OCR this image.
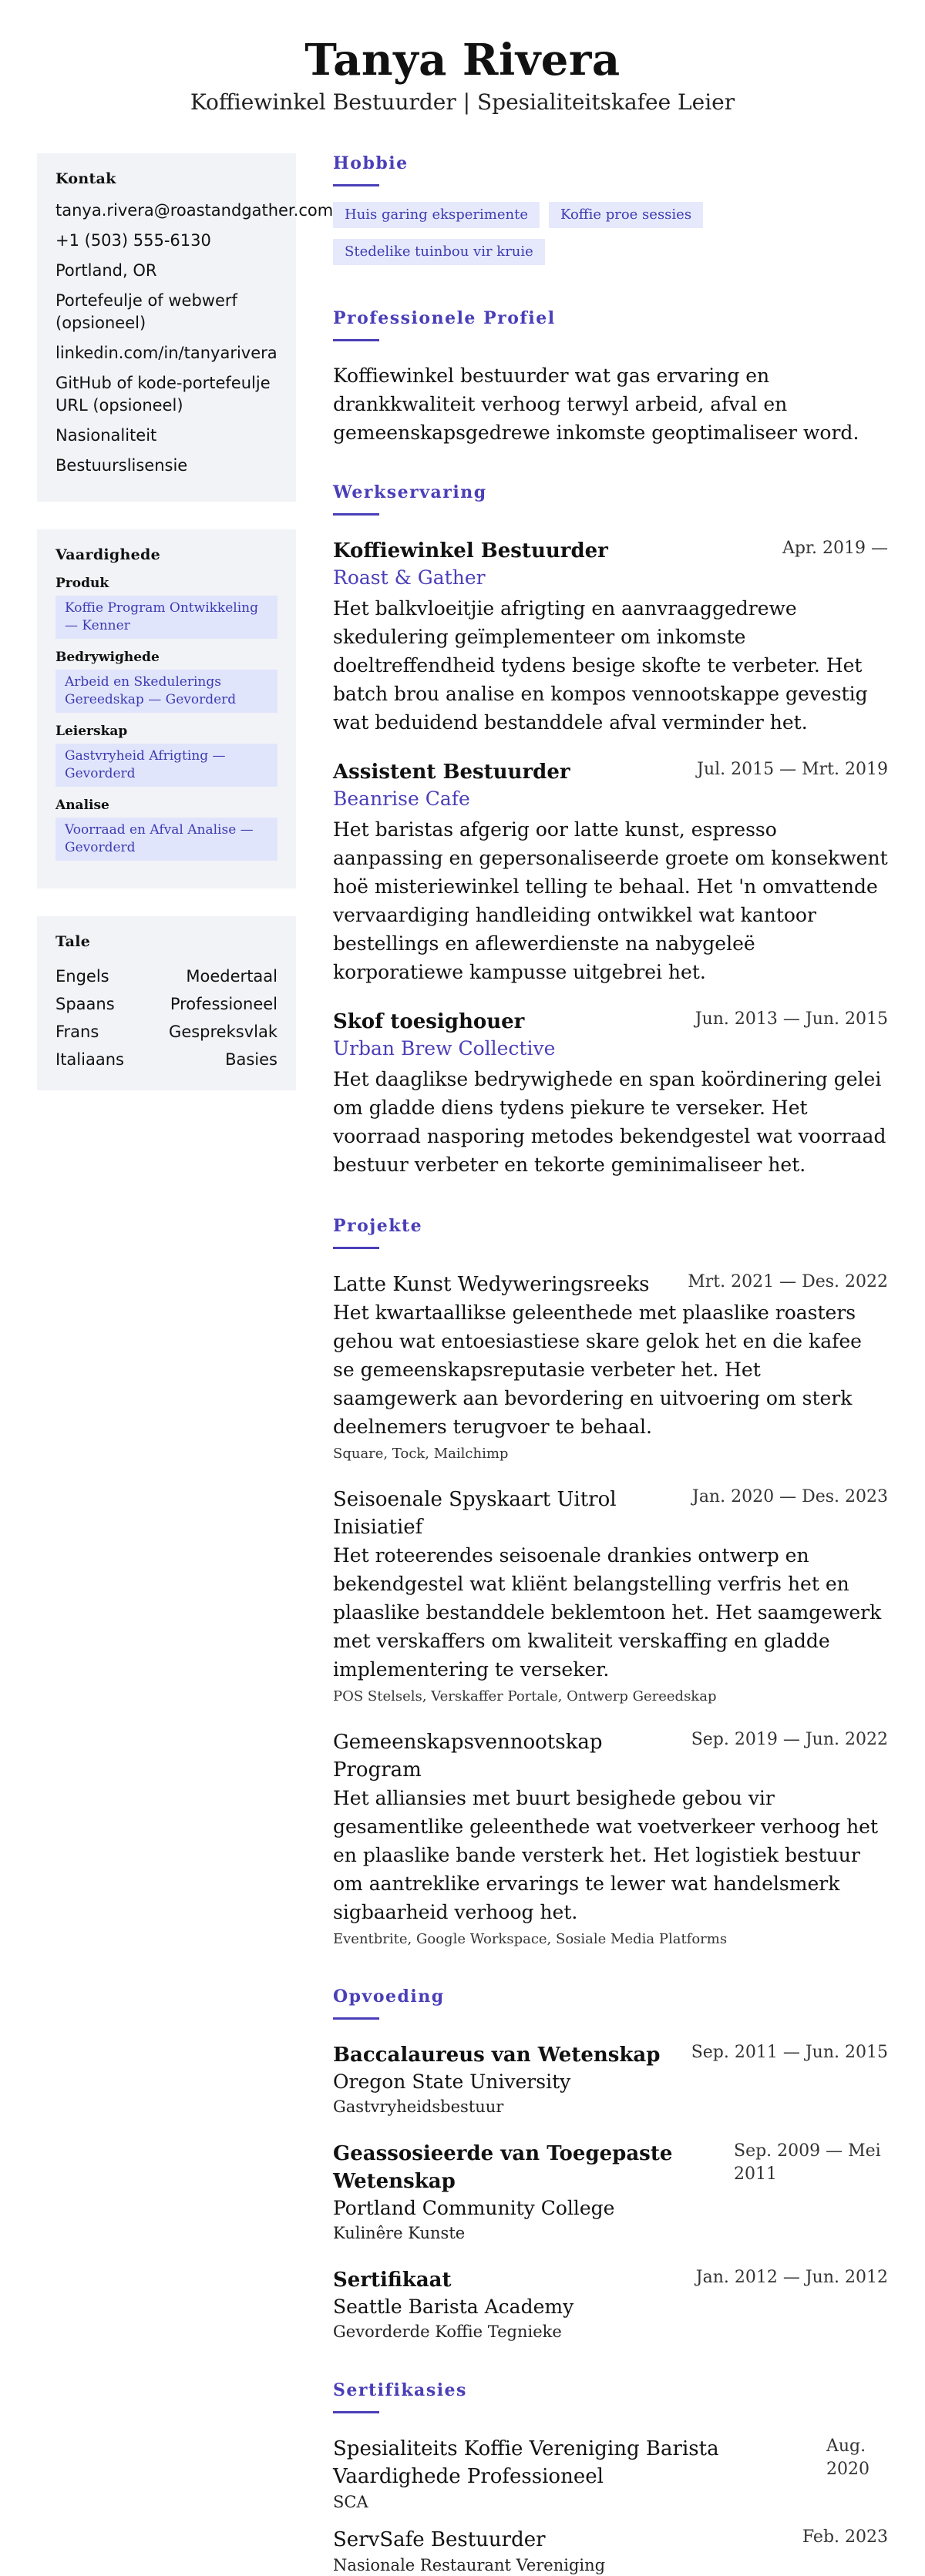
Tanya Rivera
Koffiewinkel Bestuurder | Spesialiteitskafee Leier
Kontak
tanya.rivera@roastandgather.com
+1 (503) 555-6130
Portland, OR
Portefeulje of webwerf (opsioneel)
linkedin.com/in/tanyarivera
GitHub of kode-portefeulje URL (opsioneel)
Nasionaliteit
Bestuurslisensie
Vaardighede
Produk
Koffie Program Ontwikkeling — Kenner
Bedrywighede
Arbeid en Skedulerings Gereedskap — Gevorderd
Leierskap
Gastvryheid Afrigting — Gevorderd
Analise
Voorraad en Afval Analise — Gevorderd
Tale
Engels	Moedertaal
Spaans	Professioneel
Frans	Gespreksvlak
Italiaans	Basies
Hobbie
Huis garing eksperimente	Koffie proe sessies
Stedelike tuinbou vir kruie
Professionele Profiel

Koffiewinkel bestuurder wat gas ervaring en drankkwaliteit verhoog terwyl arbeid, afval en gemeenskapsgedrewe inkomste geoptimaliseer word.

Werkservaring
Koffiewinkel Bestuurder	Apr. 2019 —
Roast & Gather
Het balkvloeitjie afrigting en aanvraaggedrewe skedulering geïmplementeer om inkomste doeltreffendheid tydens besige skofte te verbeter. Het batch brou analise en kompos vennootskappe gevestig wat beduidend bestanddele afval verminder het.
Assistent Bestuurder	Jul. 2015 — Mrt. 2019
Beanrise Cafe
Het baristas afgerig oor latte kunst, espresso aanpassing en gepersonaliseerde groete om konsekwent hoë misteriewinkel telling te behaal. Het 'n omvattende vervaardiging handleiding ontwikkel wat kantoor bestellings en aflewerdienste na nabygeleë korporatiewe kampusse uitgebrei het.
Skof toesighouer	Jun. 2013 — Jun. 2015
Urban Brew Collective
Het daaglikse bedrywighede en span koördinering gelei om gladde diens tydens piekure te verseker. Het voorraad nasporing metodes bekendgestel wat voorraad bestuur verbeter en tekorte geminimaliseer het.
Projekte
Latte Kunst Wedyweringsreeks Mrt. 2021 — Des. 2022
Het kwartaallikse geleenthede met plaaslike roasters gehou wat entoesiastiese skare gelok het en die kafee se gemeenskapsreputasie verbeter het. Het saamgewerk aan bevordering en uitvoering om sterk deelnemers terugvoer te behaal.
Square, Tock, Mailchimp
Seisoenale Spyskaart Uitrol Inisiatief
Jan. 2020 — Des. 2023
Het roteerendes seisoenale drankies ontwerp en bekendgestel wat kliënt belangstelling verfris het en plaaslike bestanddele beklemtoon het. Het saamgewerk met verskaffers om kwaliteit verskaffing en gladde implementering te verseker.
POS Stelsels, Verskaffer Portale, Ontwerp Gereedskap
Gemeenskapsvennootskap Program
Sep. 2019 — Jun. 2022
Het alliansies met buurt besighede gebou vir gesamentlike geleenthede wat voetverkeer verhoog het en plaaslike bande versterk het. Het logistiek bestuur om aantreklike ervarings te lewer wat handelsmerk sigbaarheid verhoog het.
Eventbrite, Google Workspace, Sosiale Media Platforms
Opvoeding
Baccalaureus van Wetenskap Sep. 2011 — Jun. 2015
Oregon State University
Gastvryheidsbestuur
Geassosieerde van Toegepaste Wetenskap
Sep. 2009 — Mei 2011
Portland Community College
Kulinêre Kunste
Sertifikaat	Jan. 2012 — Jun. 2012
Seattle Barista Academy
Gevorderde Koffie Tegnieke
Sertifikasies
Spesialiteits Koffie Vereniging Barista Vaardighede Professioneel
Aug. 2020
SCA
ServSafe Bestuurder	Feb. 2023
Nasionale Restaurant Vereniging
